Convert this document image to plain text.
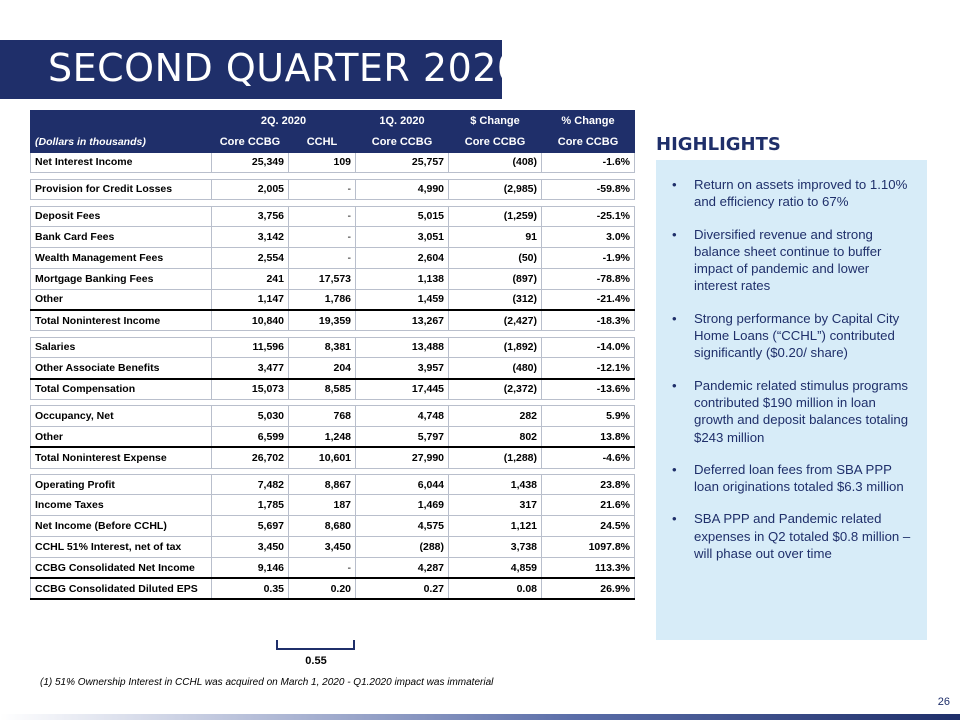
SECOND QUARTER 2020
	2Q. 2020		1Q. 2020	$ Change	% Change
(Dollars in thousands)	Core CCBG	CCHL	Core CCBG	Core CCBG	Core CCBG
Net Interest Income	25,349	109	25,757	(408)	-1.6%

Provision for Credit Losses	2,005	-	4,990	(2,985)	-59.8%

Deposit Fees	3,756	-	5,015	(1,259)	-25.1%
Bank Card Fees	3,142	-	3,051	91	3.0%
Wealth Management Fees	2,554	-	2,604	(50)	-1.9%
Mortgage Banking Fees	241	17,573	1,138	(897)	-78.8%
Other	1,147	1,786	1,459	(312)	-21.4%
Total Noninterest Income	10,840	19,359	13,267	(2,427)	-18.3%

Salaries	11,596	8,381	13,488	(1,892)	-14.0%
Other Associate Benefits	3,477	204	3,957	(480)	-12.1%
Total Compensation	15,073	8,585	17,445	(2,372)	-13.6%

Occupancy, Net	5,030	768	4,748	282	5.9%
Other	6,599	1,248	5,797	802	13.8%
Total Noninterest Expense	26,702	10,601	27,990	(1,288)	-4.6%

Operating Profit	7,482	8,867	6,044	1,438	23.8%
Income Taxes	1,785	187	1,469	317	21.6%
Net Income (Before CCHL)	5,697	8,680	4,575	1,121	24.5%
CCHL 51% Interest, net of tax	3,450	3,450	(288)	3,738	1097.8%
CCBG Consolidated Net Income	9,146	-	4,287	4,859	113.3%
CCBG Consolidated Diluted EPS	0.35	0.20	0.27	0.08	26.9%
0.55
(1) 51% Ownership Interest in CCHL was acquired on March 1, 2020 - Q1.2020 impact was immaterial
HIGHLIGHTS
• Return on assets improved to 1.10% and efficiency ratio to 67%
• Diversified revenue and strong balance sheet continue to buffer impact of pandemic and lower interest rates
• Strong performance by Capital City Home Loans (“CCHL”) contributed significantly ($0.20/ share)
• Pandemic related stimulus programs contributed $190 million in loan growth and deposit balances totaling $243 million
• Deferred loan fees from SBA PPP loan originations totaled $6.3 million
• SBA PPP and Pandemic related expenses in Q2 totaled $0.8 million – will phase out over time
26
